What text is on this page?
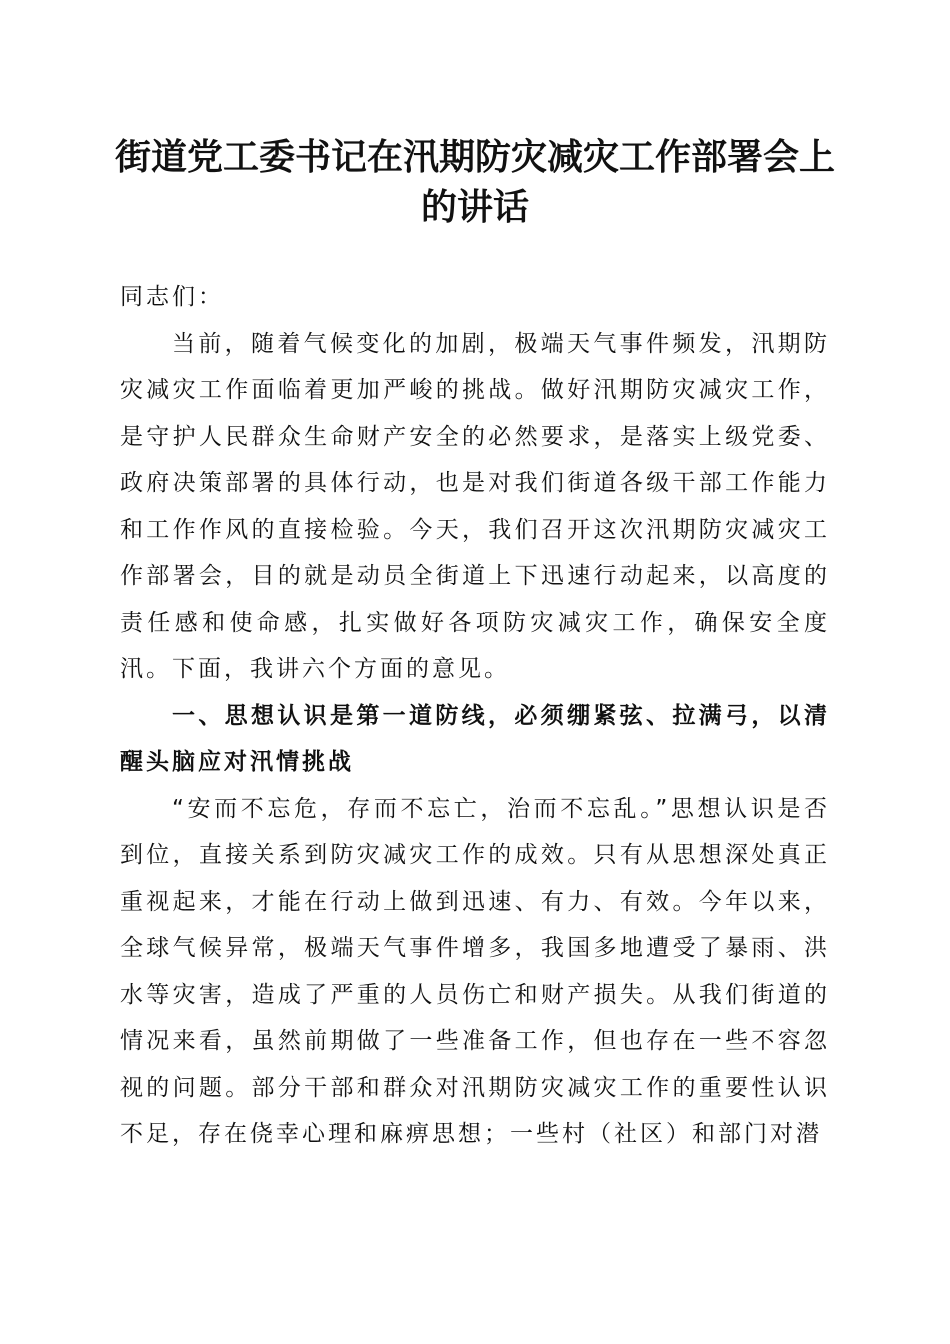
街道党工委书记在汛期防灾减灾工作部署会上的讲话

同志们：

当前，随着气候变化的加剧，极端天气事件频发，汛期防灾减灾工作面临着更加严峻的挑战。做好汛期防灾减灾工作，是守护人民群众生命财产安全的必然要求，是落实上级党委、政府决策部署的具体行动，也是对我们街道各级干部工作能力和工作作风的直接检验。今天，我们召开这次汛期防灾减灾工作部署会，目的就是动员全街道上下迅速行动起来，以高度的责任感和使命感，扎实做好各项防灾减灾工作，确保安全度汛。下面，我讲六个方面的意见。

一、思想认识是第一道防线，必须绷紧弦、拉满弓，以清醒头脑应对汛情挑战

“安而不忘危，存而不忘亡，治而不忘乱。”思想认识是否到位，直接关系到防灾减灾工作的成效。只有从思想深处真正重视起来，才能在行动上做到迅速、有力、有效。今年以来，全球气候异常，极端天气事件增多，我国多地遭受了暴雨、洪水等灾害，造成了严重的人员伤亡和财产损失。从我们街道的情况来看，虽然前期做了一些准备工作，但也存在一些不容忽视的问题。部分干部和群众对汛期防灾减灾工作的重要性认识不足，存在侥幸心理和麻痹思想；一些村（社区）和部门对潜
